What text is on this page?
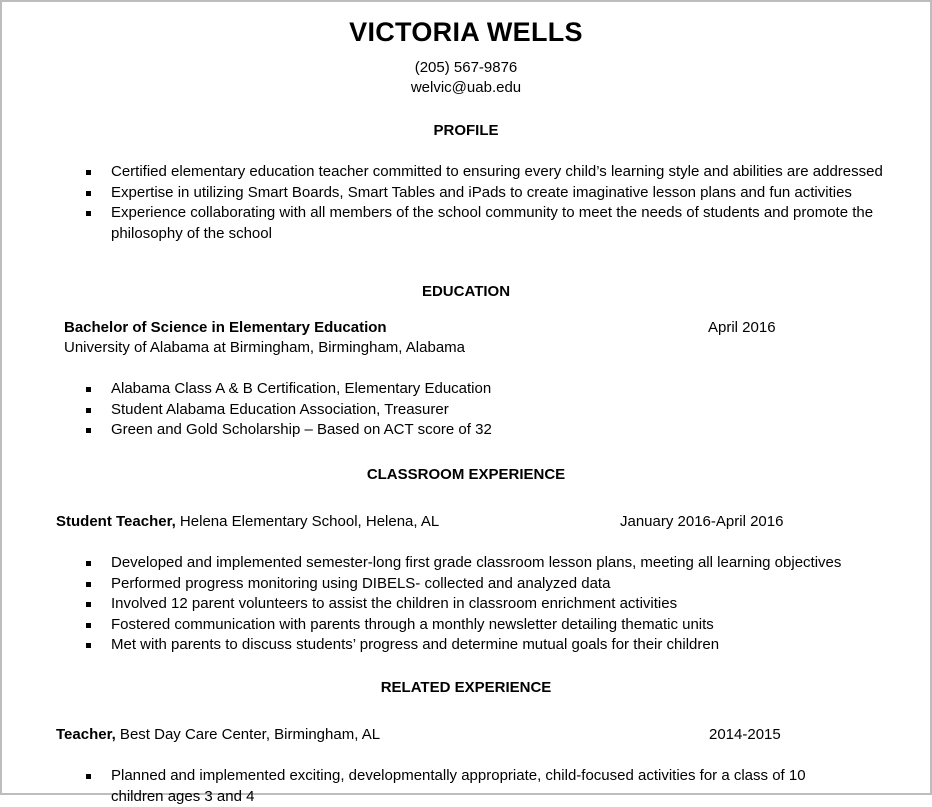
VICTORIA WELLS
(205) 567-9876
welvic@uab.edu
PROFILE
Certified elementary education teacher committed to ensuring every child’s learning style and abilities are addressed
Expertise in utilizing Smart Boards, Smart Tables and iPads to create imaginative lesson plans and fun activities
Experience collaborating with all members of the school community to meet the needs of students and promote the philosophy of the school
EDUCATION
Bachelor of Science in Elementary Education	April 2016
University of Alabama at Birmingham, Birmingham, Alabama
Alabama Class A & B Certification, Elementary Education
Student Alabama Education Association, Treasurer
Green and Gold Scholarship – Based on ACT score of 32
CLASSROOM EXPERIENCE
Student Teacher, Helena Elementary School, Helena, AL	January 2016-April 2016
Developed and implemented semester-long first grade classroom lesson plans, meeting all learning objectives
Performed progress monitoring using DIBELS- collected and analyzed data
Involved 12 parent volunteers to assist the children in classroom enrichment activities
Fostered communication with parents through a monthly newsletter detailing thematic units
Met with parents to discuss students’ progress and determine mutual goals for their children
RELATED EXPERIENCE
Teacher, Best Day Care Center, Birmingham, AL	2014-2015
Planned and implemented exciting, developmentally appropriate, child-focused activities for a class of 10 children ages 3 and 4
